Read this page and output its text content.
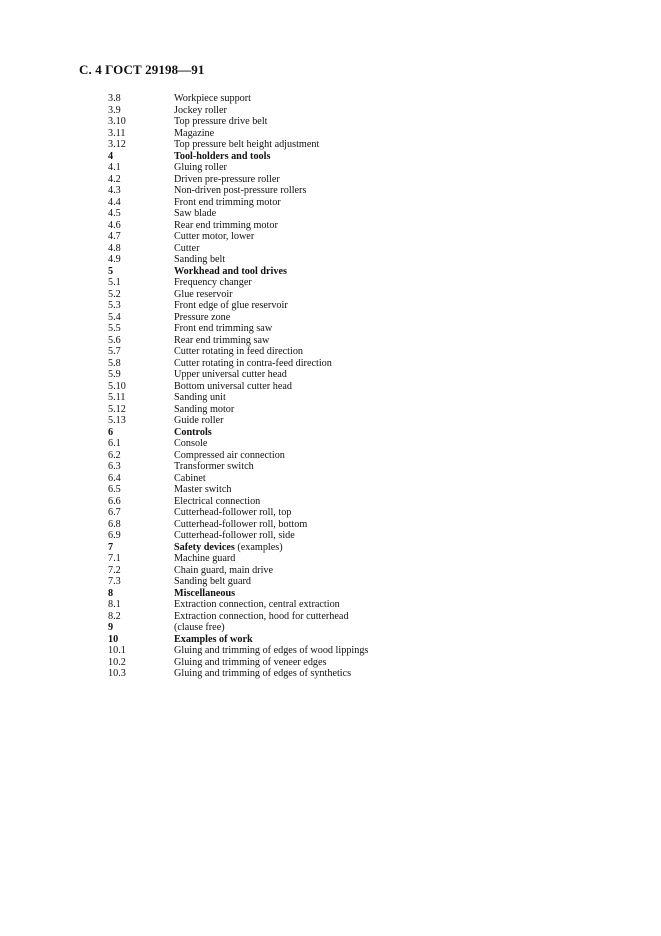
С. 4 ГОСТ 29198—91
3.8	Workpiece support
3.9	Jockey roller
3.10	Top pressure drive belt
3.11	Magazine
3.12	Top pressure belt height adjustment
4	Tool-holders and tools
4.1	Gluing roller
4.2	Driven pre-pressure roller
4.3	Non-driven post-pressure rollers
4.4	Front end trimming motor
4.5	Saw blade
4.6	Rear end trimming motor
4.7	Cutter motor, lower
4.8	Cutter
4.9	Sanding belt
5	Workhead and tool drives
5.1	Frequency changer
5.2	Glue reservoir
5.3	Front edge of glue reservoir
5.4	Pressure zone
5.5	Front end trimming saw
5.6	Rear end trimming saw
5.7	Cutter rotating in feed direction
5.8	Cutter rotating in contra-feed direction
5.9	Upper universal cutter head
5.10	Bottom universal cutter head
5.11	Sanding unit
5.12	Sanding motor
5.13	Guide roller
6	Controls
6.1	Console
6.2	Compressed air connection
6.3	Transformer switch
6.4	Cabinet
6.5	Master switch
6.6	Electrical connection
6.7	Cutterhead-follower roll, top
6.8	Cutterhead-follower roll, bottom
6.9	Cutterhead-follower roll, side
7	Safety devices (examples)
7.1	Machine guard
7.2	Chain guard, main drive
7.3	Sanding belt guard
8	Miscellaneous
8.1	Extraction connection, central extraction
8.2	Extraction connection, hood for cutterhead
9	(clause free)
10	Examples of work
10.1	Gluing and trimming of edges of wood lippings
10.2	Gluing and trimming of veneer edges
10.3	Gluing and trimming of edges of synthetics
